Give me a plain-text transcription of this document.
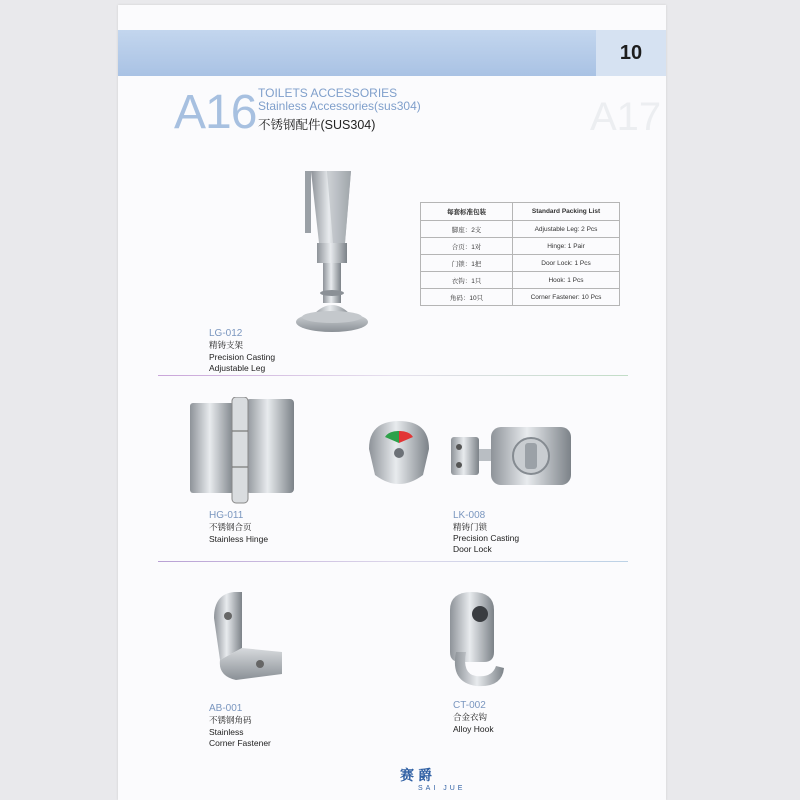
10
A16 TOILETS ACCESSORIES
Stainless Accessories(sus304)
不锈钢配件(SUS304)	A17
每套标准包装	Standard Packing List
脚座：2支	Adjustable Leg: 2 Pcs
合页：1对	Hinge: 1 Pair
门锁：1把	Door Lock: 1 Pcs
衣钩：1只	Hook: 1 Pcs
角码：10只	Corner Fastener: 10 Pcs
LG-012
精铸支架
Precision Casting
Adjustable Leg
HG-011
不锈钢合页
Stainless Hinge
LK-008
精铸门锁
Precision Casting
Door Lock
AB-001
不锈钢角码
Stainless
Corner Fastener
CT-002
合金衣钩
Alloy Hook
赛爵
SAI JUE
